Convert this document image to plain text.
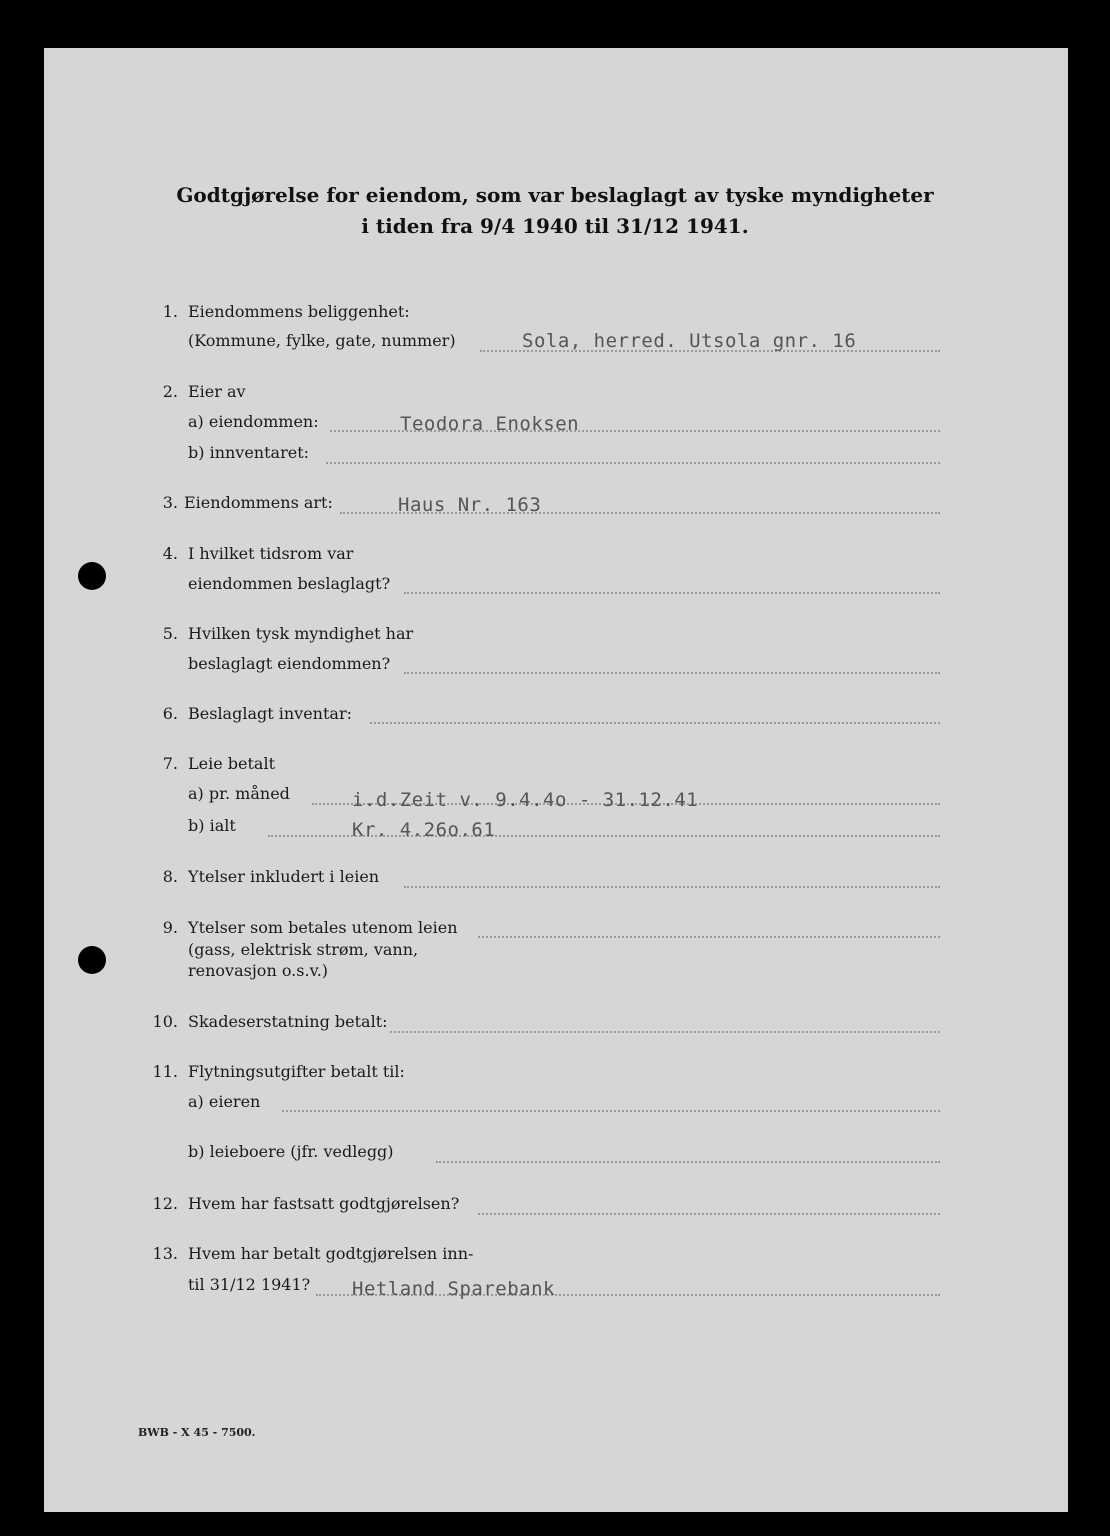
Godtgjørelse for eiendom, som var beslaglagt av tyske myndigheter
i tiden fra 9/4 1940 til 31/12 1941.
1. Eiendommens beliggenhet:
(Kommune, fylke, gate, nummer)	Sola, herred. Utsola gnr. 16
2. Eier av
a) eiendommen:	Teodora Enoksen
b) innventaret:
3. Eiendommens art:	Haus Nr. 163
4. I hvilket tidsrom var
eiendommen beslaglagt?
5. Hvilken tysk myndighet har
beslaglagt eiendommen?
6. Beslaglagt inventar:
7. Leie betalt
a) pr. måned	i.d.Zeit v. 9.4.4o - 31.12.41
b) ialt	Kr. 4.26o.61
8. Ytelser inkludert i leien
9. Ytelser som betales utenom leien
(gass, elektrisk strøm, vann,
renovasjon o.s.v.)
10. Skadeserstatning betalt:
11. Flytningsutgifter betalt til:
a) eieren
b) leieboere (jfr. vedlegg)
12. Hvem har fastsatt godtgjørelsen?
13. Hvem har betalt godtgjørelsen inn-
til 31/12 1941? Hetland Sparebank
BWB - X 45 - 7500.
